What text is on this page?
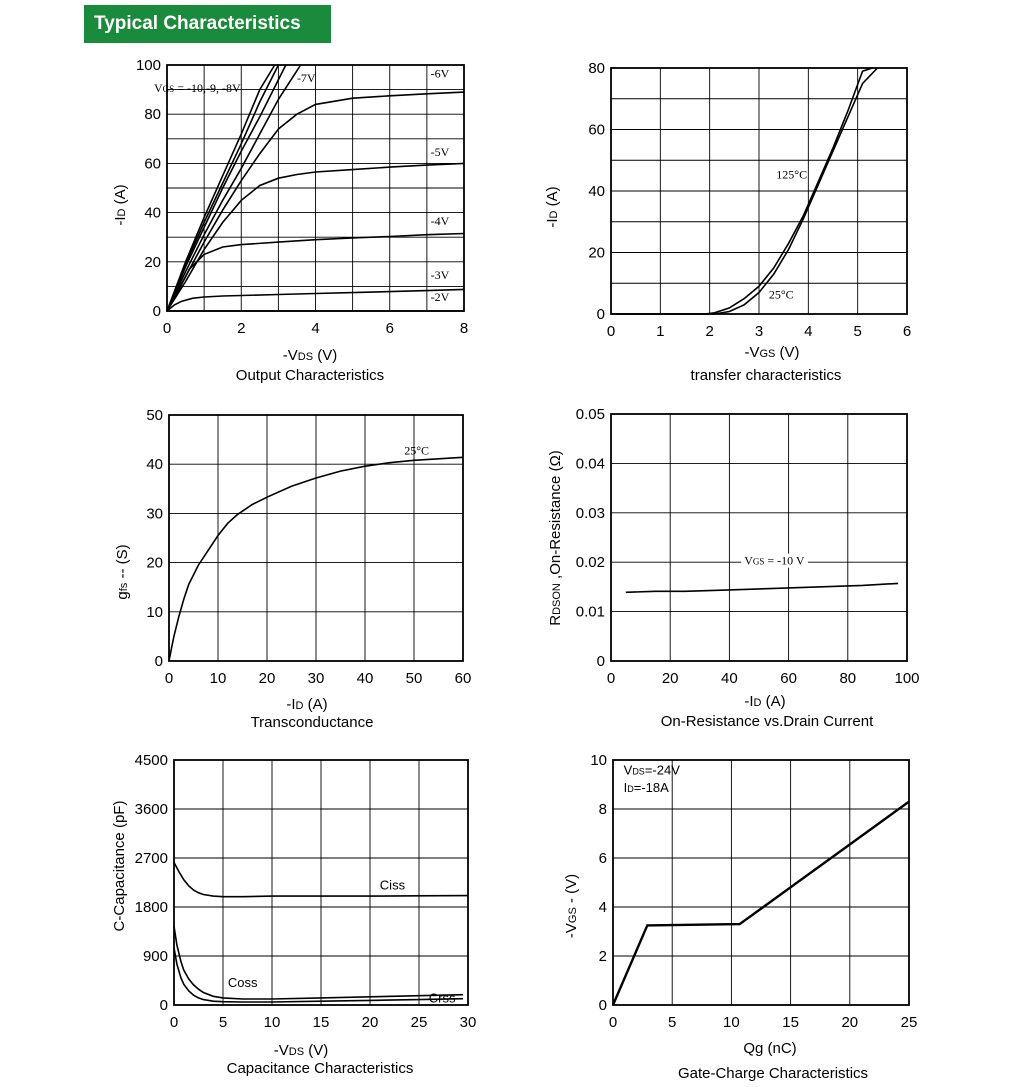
Typical Characteristics
0	2	4	6	8
0
20
40
60
80
100
VGS = -10,-9, -8V
-7V	-6V
-5V
-4V
-3V
-2V
-VDS (V)
-ID (A)
Output Characteristics
0	1	2	3	4	5	6
0
20
40
60
80
125°C
25°C
-VGS (V)
-ID (A)
transfer characteristics
0 10 20 30 40 50 60
0
10
20
30
40
50
25°C
-ID (A)
gfs -- (S)
Transconductance
0	20	40	60	80	100
0
0.01
0.02
0.03
0.04
0.05
VGS = -10 V
-ID (A)
RDSON ,On-Resistance (Ω)
On-Resistance vs.Drain Current
0	5 10 15 20 25 30
0
900
1800
2700
3600
4500
Ciss
Coss
Crss
-VDS (V)
C-Capacitance (pF)
Capacitance Characteristics
0	5	10	15	20	25
0
2
4
6
8
10
VDS=-24V
ID=-18A
Qg (nC)
-VGS - (V)
Gate-Charge Characteristics
